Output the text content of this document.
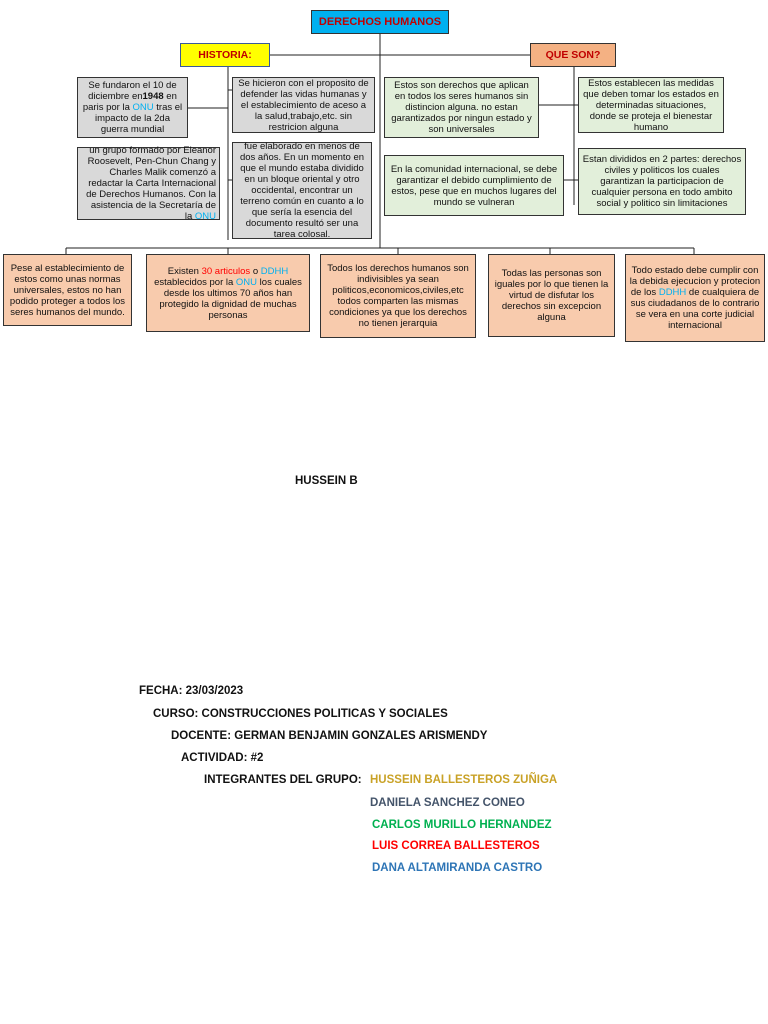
DERECHOS HUMANOS
HISTORIA:	QUE SON?
Se fundaron el 10 de diciembre en1948 en paris por la ONU tras el impacto de la 2da guerra mundial
Se hicieron con el proposito de defender las vidas humanas y el establecimiento de aceso a la salud,trabajo,etc. sin restricion alguna
un grupo formado por Eleanor Roosevelt, Pen-Chun Chang y Charles Malik comenzó a redactar la Carta Internacional de Derechos Humanos. Con la asistencia de la Secretaría de la ONU
fue elaborado en menos de dos años. En un momento en que el mundo estaba dividido en un bloque oriental y otro occidental, encontrar un terreno común en cuanto a lo que sería la esencia del documento resultó ser una tarea colosal.
Estos son derechos que aplican en todos los seres humanos sin distincion alguna. no estan garantizados por ningun estado y son universales
Estos establecen las medidas que deben tomar los estados en determinadas situaciones, donde se proteja el bienestar humano
En la comunidad internacional, se debe garantizar el debido cumplimiento de estos, pese que en muchos lugares del mundo se vulneran
Estan divididos en 2 partes: derechos civiles y politicos los cuales garantizan la participacion de cualquier persona en todo ambito social y politico sin limitaciones
Pese al establecimiento de estos como unas normas universales, estos no han podido proteger a todos los seres humanos del mundo.
Existen 30 articulos o DDHH establecidos por la ONU los cuales desde los ultimos 70 años han protegido la dignidad de muchas personas
Todos los derechos humanos son indivisibles ya sean politicos,economicos,civiles,etc todos comparten las mismas condiciones ya que los derechos no tienen jerarquia
Todas las personas son iguales por lo que tienen la virtud de disfutar los derechos sin excepcion alguna
Todo estado debe cumplir con la debida ejecucion y protecion de los DDHH de cualquiera de sus ciudadanos de lo contrario se vera en una corte judicial internacional
HUSSEIN B
FECHA: 23/03/2023
CURSO: CONSTRUCCIONES POLITICAS Y SOCIALES
DOCENTE: GERMAN BENJAMIN GONZALES ARISMENDY
ACTIVIDAD: #2
INTEGRANTES DEL GRUPO: HUSSEIN BALLESTEROS ZUÑIGA
DANIELA SANCHEZ CONEO
CARLOS MURILLO HERNANDEZ
LUIS CORREA BALLESTEROS
DANA ALTAMIRANDA CASTRO
